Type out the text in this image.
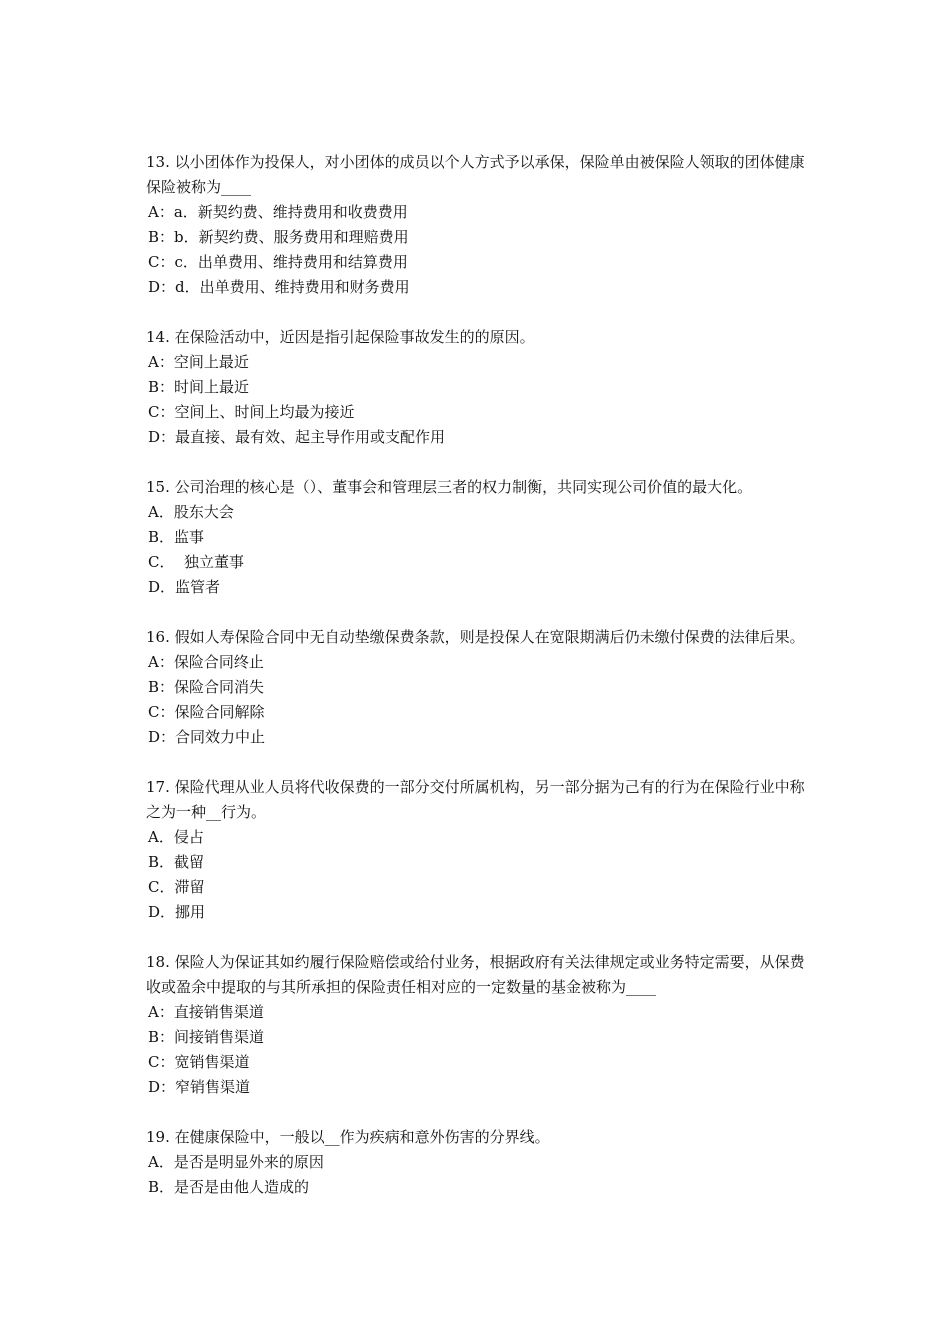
13. 以小团体作为投保人，对小团体的成员以个人方式予以承保，保险单由被保险人领取的团体健康保险被称为____

A：a．新契约费、维持费用和收费费用

B：b．新契约费、服务费用和理赔费用

C：c．出单费用、维持费用和结算费用

D：d．出单费用、维持费用和财务费用

14. 在保险活动中，近因是指引起保险事故发生的的原因。

A：空间上最近

B：时间上最近

C：空间上、时间上均最为接近

D：最直接、最有效、起主导作用或支配作用

15. 公司治理的核心是（）、董事会和管理层三者的权力制衡，共同实现公司价值的最大化。

A．股东大会

B．监事

C．  独立董事

D．监管者

16. 假如人寿保险合同中无自动垫缴保费条款，则是投保人在宽限期满后仍未缴付保费的法律后果。

A：保险合同终止

B：保险合同消失

C：保险合同解除

D：合同效力中止

17. 保险代理从业人员将代收保费的一部分交付所属机构，另一部分据为己有的行为在保险行业中称之为一种__行为。

A．侵占

B．截留

C．滞留

D．挪用

18. 保险人为保证其如约履行保险赔偿或给付业务，根据政府有关法律规定或业务特定需要，从保费收或盈余中提取的与其所承担的保险责任相对应的一定数量的基金被称为____

A：直接销售渠道

B：间接销售渠道

C：宽销售渠道

D：窄销售渠道

19. 在健康保险中，一般以__作为疾病和意外伤害的分界线。

A．是否是明显外来的原因

B．是否是由他人造成的
